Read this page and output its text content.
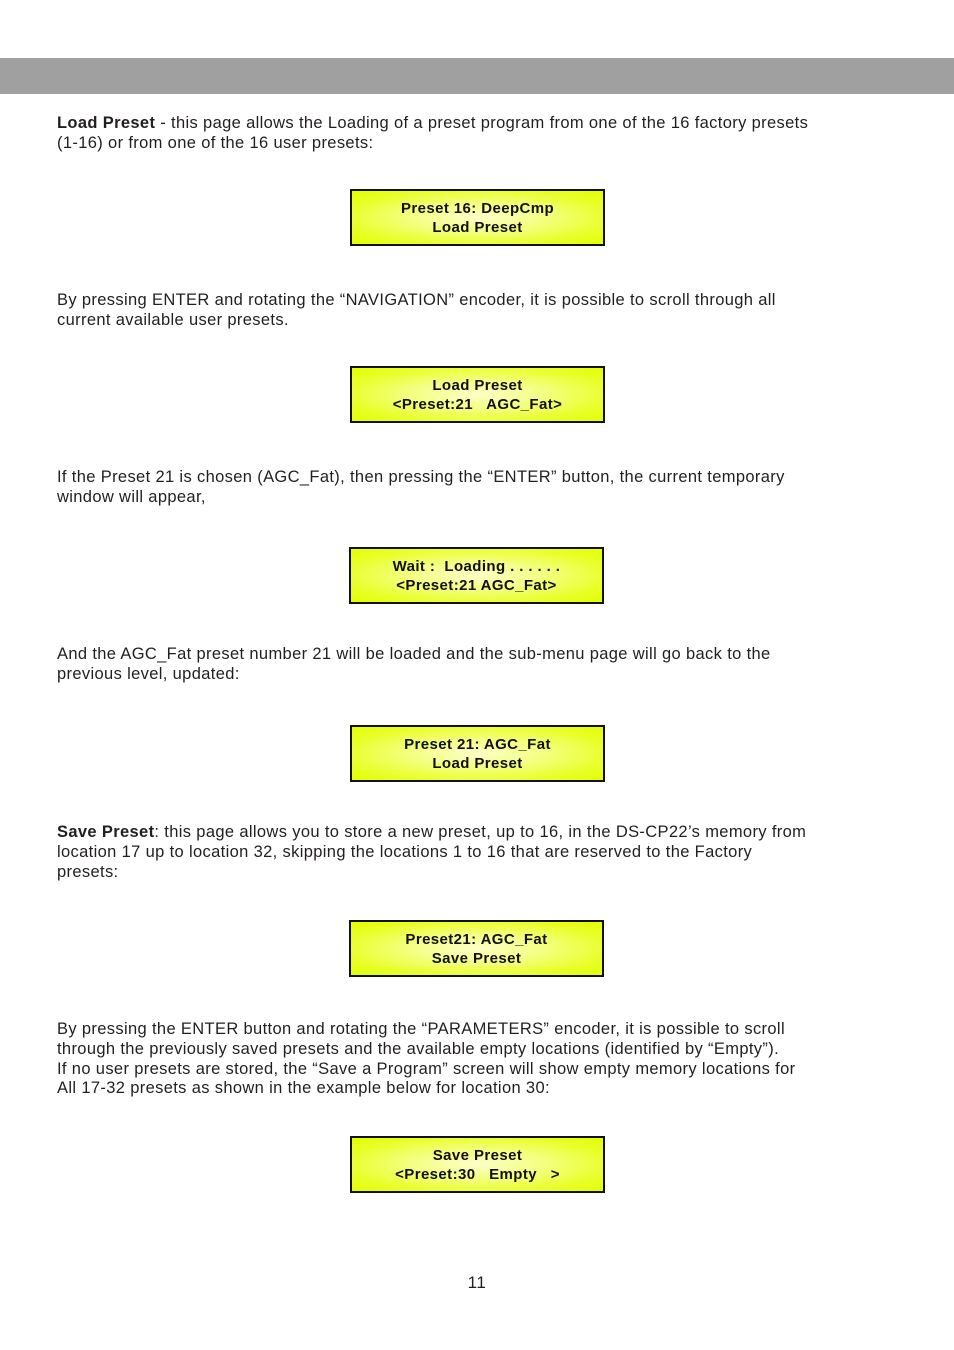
Load Preset - this page allows the Loading of a preset program from one of the 16 factory presets
(1-16) or from one of the 16 user presets:

Preset 16: DeepCmp
Load Preset

By pressing ENTER and rotating the “NAVIGATION” encoder, it is possible to scroll through all
current available user presets.

Load Preset
<Preset:21   AGC_Fat>

If the Preset 21 is chosen (AGC_Fat), then pressing the “ENTER” button, the current temporary
window will appear,

Wait :  Loading . . . . . .
<Preset:21 AGC_Fat>

And the AGC_Fat preset number 21 will be loaded and the sub-menu page will go back to the
previous level, updated:

Preset 21: AGC_Fat
Load Preset

Save Preset: this page allows you to store a new preset, up to 16, in the DS-CP22’s memory from
location 17 up to location 32, skipping the locations 1 to 16 that are reserved to the Factory
presets:

Preset21: AGC_Fat
Save Preset

By pressing the ENTER button and rotating the “PARAMETERS” encoder, it is possible to scroll
through the previously saved presets and the available empty locations (identified by “Empty”).
If no user presets are stored, the “Save a Program” screen will show empty memory locations for
All 17-32 presets as shown in the example below for location 30:

Save Preset
<Preset:30   Empty   >
11
